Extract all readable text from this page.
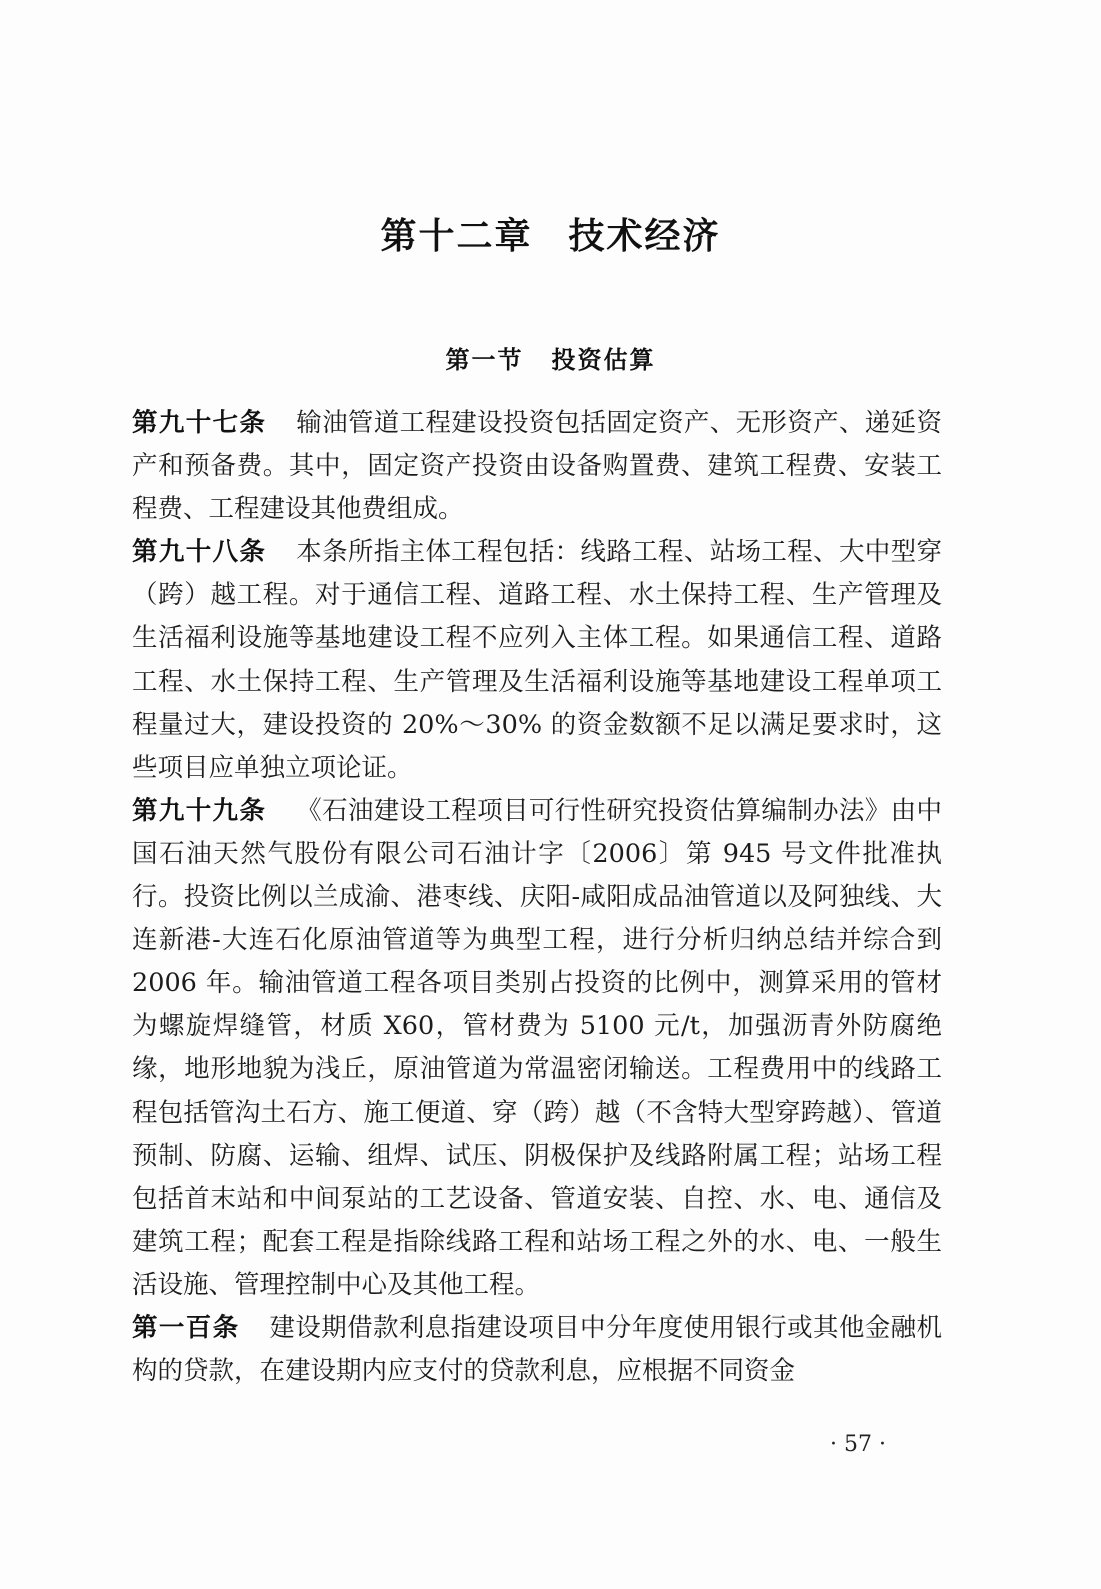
第十二章 技术经济
第一节 投资估算

第九十七条 输油管道工程建设投资包括固定资产、无形资产、递延资产和预备费。其中，固定资产投资由设备购置费、建筑工程费、安装工程费、工程建设其他费组成。

第九十八条 本条所指主体工程包括：线路工程、站场工程、大中型穿（跨）越工程。对于通信工程、道路工程、水土保持工程、生产管理及生活福利设施等基地建设工程不应列入主体工程。如果通信工程、道路工程、水土保持工程、生产管理及生活福利设施等基地建设工程单项工程量过大，建设投资的 20%～30% 的资金数额不足以满足要求时，这些项目应单独立项论证。

第九十九条 《石油建设工程项目可行性研究投资估算编制办法》由中国石油天然气股份有限公司石油计字〔2006〕第 945 号文件批准执行。投资比例以兰成渝、港枣线、庆阳-咸阳成品油管道以及阿独线、大连新港-大连石化原油管道等为典型工程，进行分析归纳总结并综合到 2006 年。输油管道工程各项目类别占投资的比例中，测算采用的管材为螺旋焊缝管，材质 X60，管材费为 5100 元/t，加强沥青外防腐绝缘，地形地貌为浅丘，原油管道为常温密闭输送。工程费用中的线路工程包括管沟土石方、施工便道、穿（跨）越（不含特大型穿跨越）、管道预制、防腐、运输、组焊、试压、阴极保护及线路附属工程；站场工程包括首末站和中间泵站的工艺设备、管道安装、自控、水、电、通信及建筑工程；配套工程是指除线路工程和站场工程之外的水、电、一般生活设施、管理控制中心及其他工程。

第一百条 建设期借款利息指建设项目中分年度使用银行或其他金融机构的贷款，在建设期内应支付的贷款利息，应根据不同资金

· 57 ·
